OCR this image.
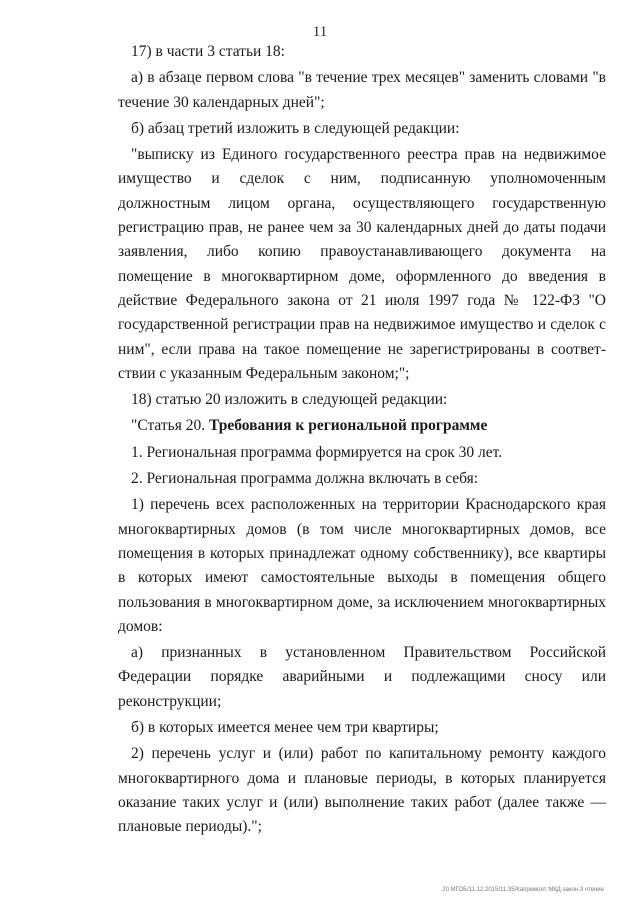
11

17) в части 3 статьи 18:

а) в абзаце первом слова "в течение трех месяцев" заменить словами "в течение 30 календарных дней";

б) абзац третий изложить в следующей редакции:

"выписку из Единого государственного реестра прав на недвижимое имущество и сделок с ним, подписанную уполномоченным должностным лицом органа, осуществляющего государственную регистрацию прав, не ранее чем за 30 календарных дней до даты подачи заявления, либо копию правоустанавливающего документа на помещение в многоквартирном доме, оформленного до введения в действие Федерального закона от 21 июля 1997 года № 122-ФЗ "О государственной регистрации прав на недвижимое имущество и сделок с ним", если права на такое помещение не зарегистрированы в соответствии с указанным Федеральным законом;";

18) статью 20 изложить в следующей редакции:

"Статья 20. Требования к региональной программе

1. Региональная программа формируется на срок 30 лет.

2. Региональная программа должна включать в себя:

1) перечень всех расположенных на территории Краснодарского края многоквартирных домов (в том числе многоквартирных домов, все помещения в которых принадлежат одному собственнику), все квартиры в которых имеют самостоятельные выходы в помещения общего пользования в многоквартирном доме, за исключением многоквартирных домов:

а) признанных в установленном Правительством Российской Федерации порядке аварийными и подлежащими сносу или реконструкции;

б) в которых имеется менее чем три квартиры;

2) перечень услуг и (или) работ по капитальному ремонту каждого многоквартирного дома и плановые периоды, в которых планируется оказание таких услуг и (или) выполнение таких работ (далее также — плановые периоды).";

20.МГОБ/11.12.2015/11:35/Капремонт МКД-закон 3 чтение
